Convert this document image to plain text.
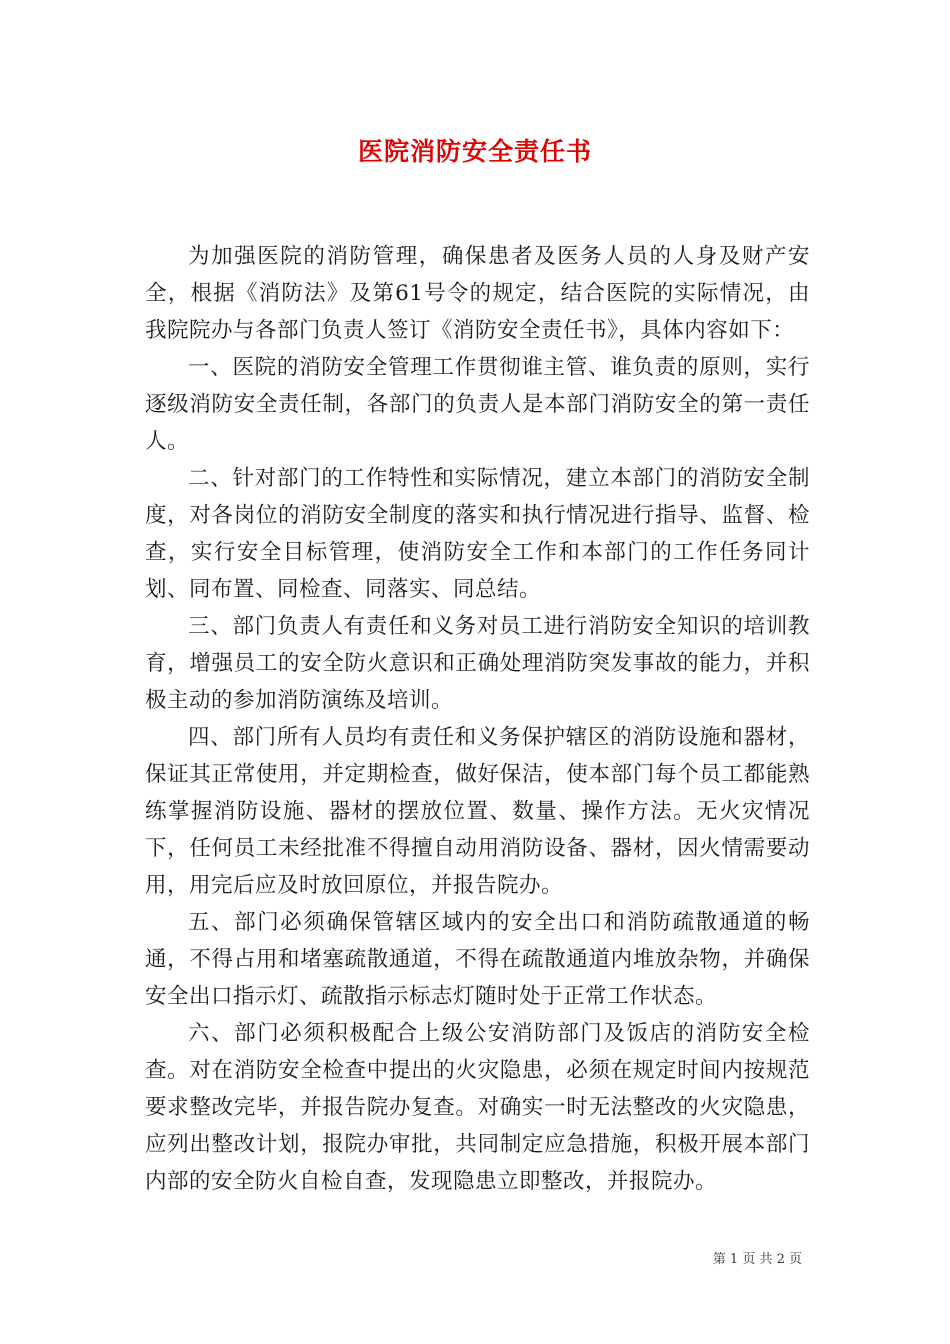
医院消防安全责任书

为加强医院的消防管理，确保患者及医务人员的人身及财产安全，根据《消防法》及第61号令的规定，结合医院的实际情况，由我院院办与各部门负责人签订《消防安全责任书》，具体内容如下：

一、医院的消防安全管理工作贯彻谁主管、谁负责的原则，实行逐级消防安全责任制，各部门的负责人是本部门消防安全的第一责任人。

二、针对部门的工作特性和实际情况，建立本部门的消防安全制度，对各岗位的消防安全制度的落实和执行情况进行指导、监督、检查，实行安全目标管理，使消防安全工作和本部门的工作任务同计划、同布置、同检查、同落实、同总结。

三、部门负责人有责任和义务对员工进行消防安全知识的培训教育，增强员工的安全防火意识和正确处理消防突发事故的能力，并积极主动的参加消防演练及培训。

四、部门所有人员均有责任和义务保护辖区的消防设施和器材，保证其正常使用，并定期检查，做好保洁，使本部门每个员工都能熟练掌握消防设施、器材的摆放位置、数量、操作方法。无火灾情况下，任何员工未经批准不得擅自动用消防设备、器材，因火情需要动用，用完后应及时放回原位，并报告院办。

五、部门必须确保管辖区域内的安全出口和消防疏散通道的畅通，不得占用和堵塞疏散通道，不得在疏散通道内堆放杂物，并确保安全出口指示灯、疏散指示标志灯随时处于正常工作状态。

六、部门必须积极配合上级公安消防部门及饭店的消防安全检查。对在消防安全检查中提出的火灾隐患，必须在规定时间内按规范要求整改完毕，并报告院办复查。对确实一时无法整改的火灾隐患，应列出整改计划，报院办审批，共同制定应急措施，积极开展本部门内部的安全防火自检自查，发现隐患立即整改，并报院办。

第 1 页 共 2 页
